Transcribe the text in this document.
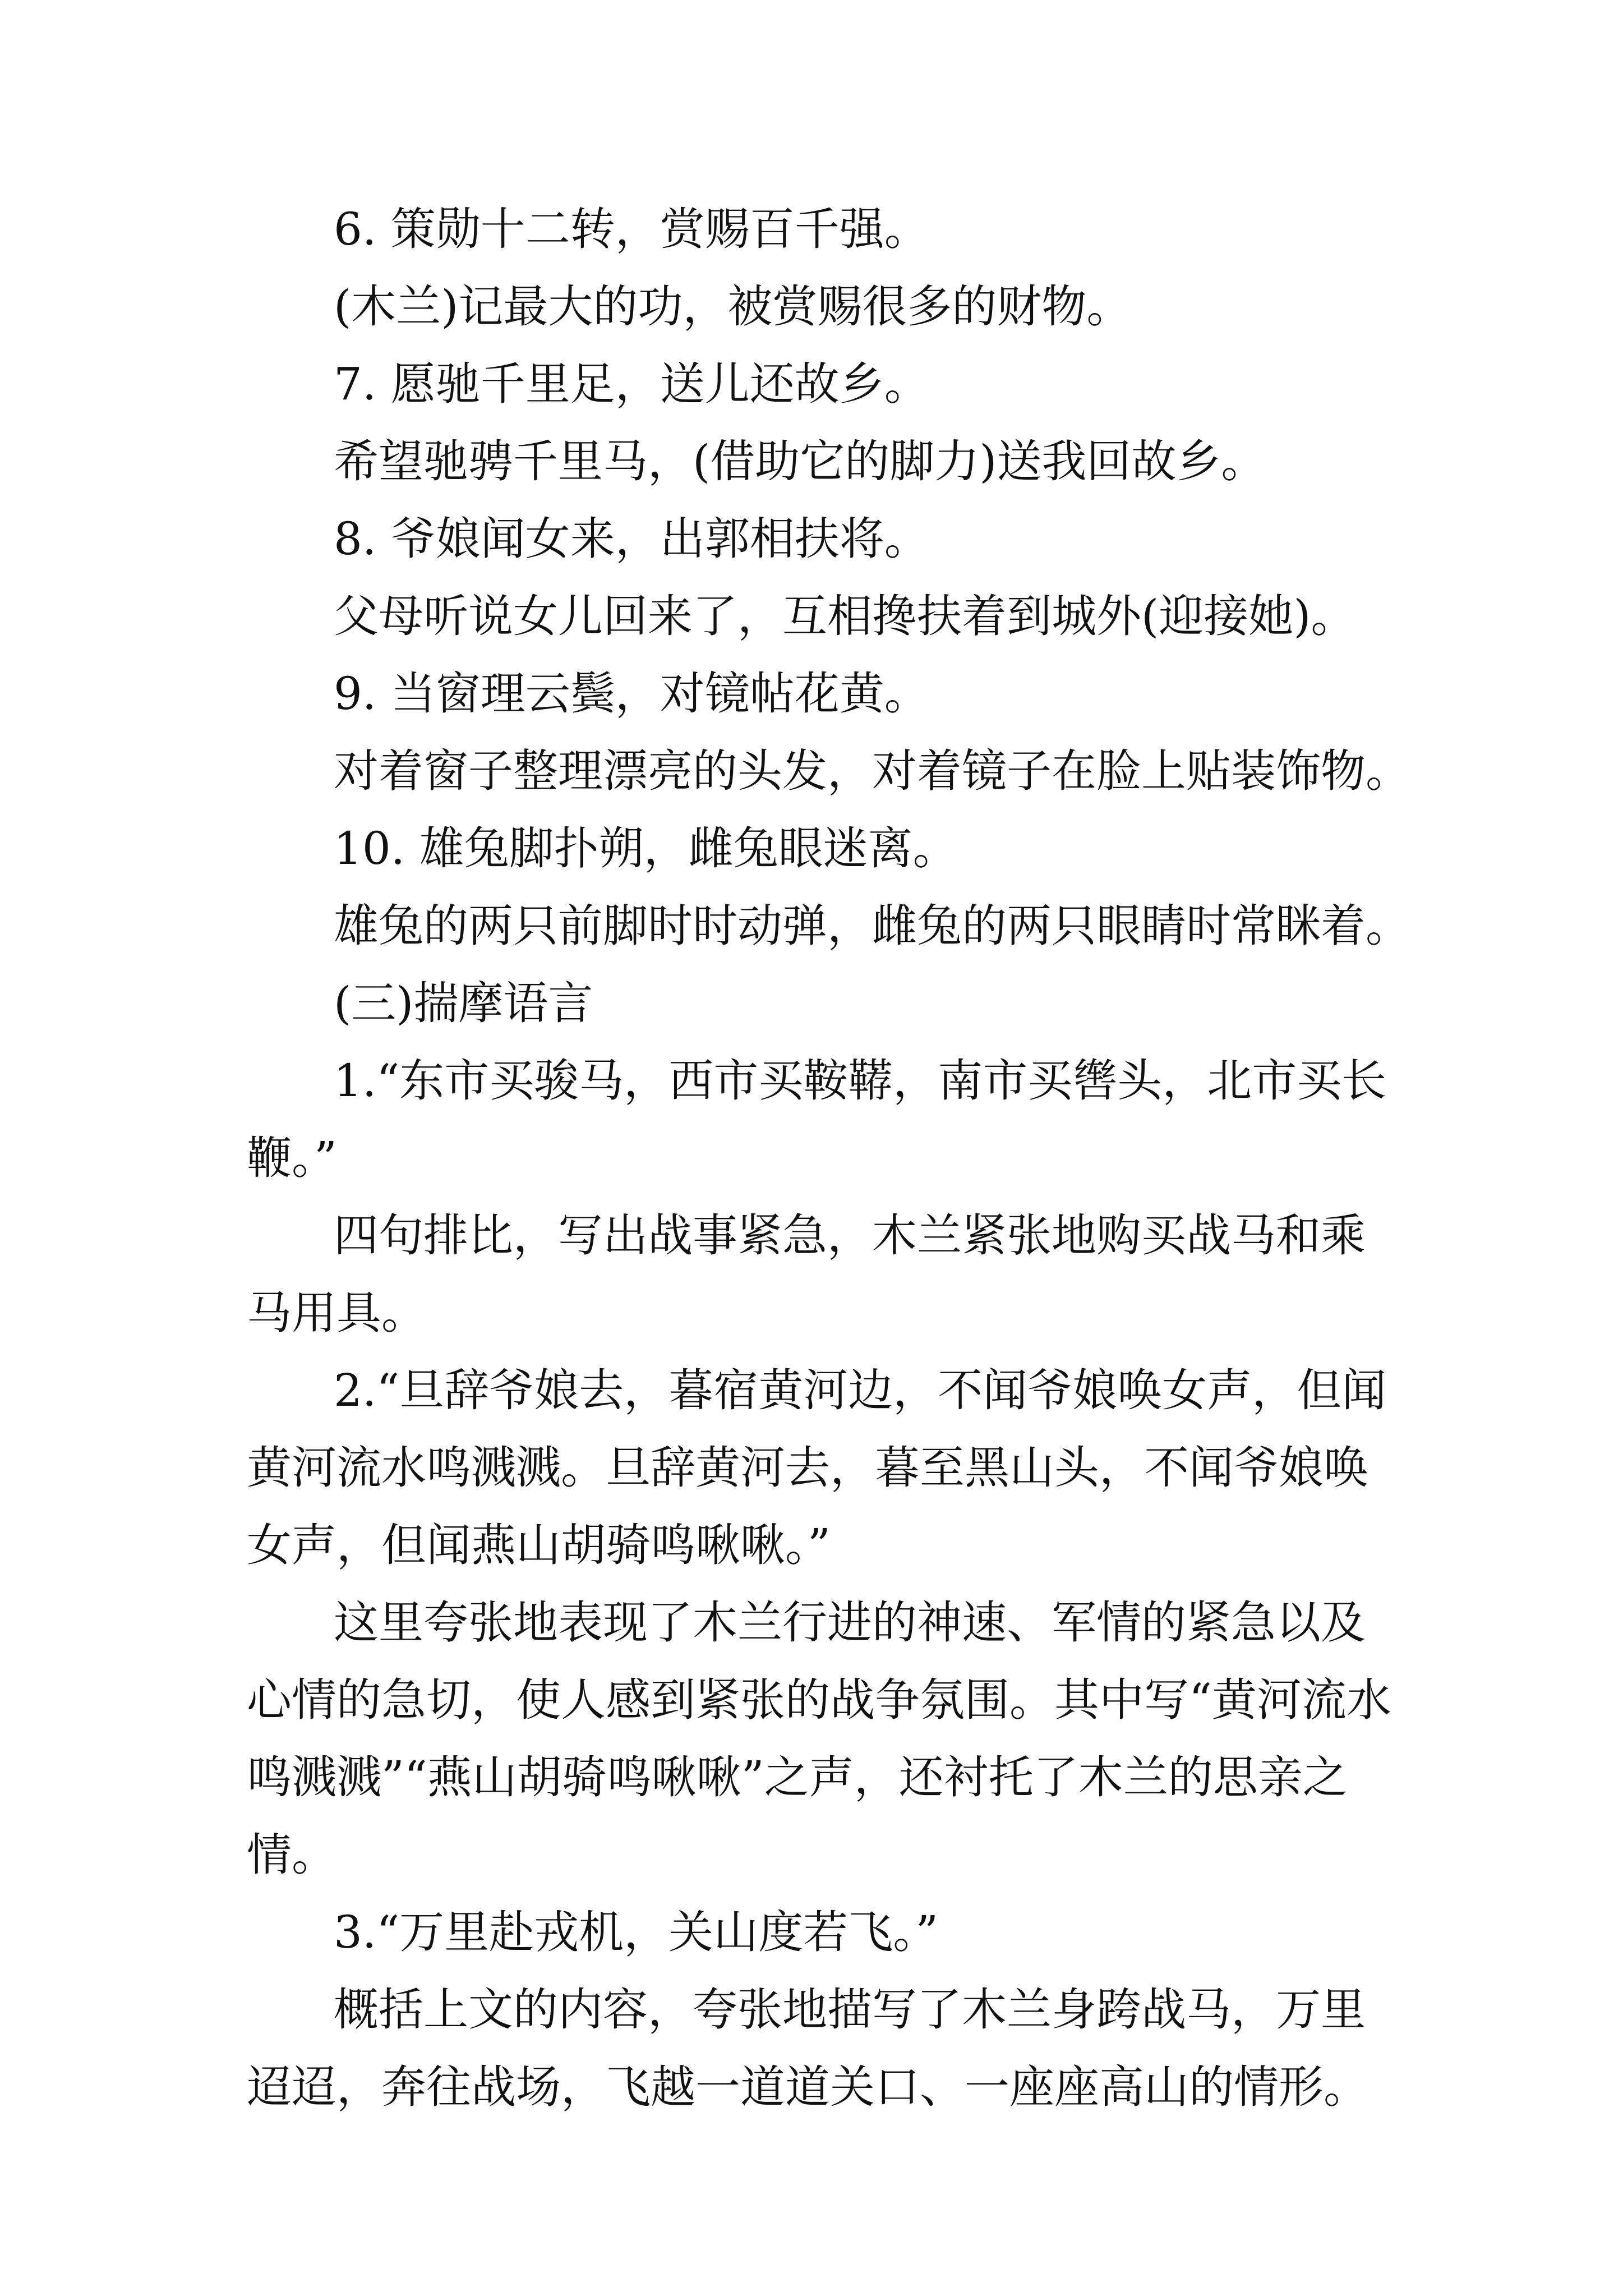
6. 策勋十二转，赏赐百千强。

(木兰)记最大的功，被赏赐很多的财物。

7. 愿驰千里足，送儿还故乡。

希望驰骋千里马，(借助它的脚力)送我回故乡。

8. 爷娘闻女来，出郭相扶将。

父母听说女儿回来了，互相搀扶着到城外(迎接她)。

9. 当窗理云鬓，对镜帖花黄。

对着窗子整理漂亮的头发，对着镜子在脸上贴装饰物。

10. 雄兔脚扑朔，雌兔眼迷离。

雄兔的两只前脚时时动弹，雌兔的两只眼睛时常眯着。

(三)揣摩语言

1.“东市买骏马，西市买鞍鞯，南市买辔头，北市买长鞭。”

四句排比，写出战事紧急，木兰紧张地购买战马和乘马用具。

2.“旦辞爷娘去，暮宿黄河边，不闻爷娘唤女声，但闻黄河流水鸣溅溅。旦辞黄河去，暮至黑山头，不闻爷娘唤女声，但闻燕山胡骑鸣啾啾。”

这里夸张地表现了木兰行进的神速、军情的紧急以及心情的急切，使人感到紧张的战争氛围。其中写“黄河流水鸣溅溅”“燕山胡骑鸣啾啾”之声，还衬托了木兰的思亲之情。

3.“万里赴戎机，关山度若飞。”

概括上文的内容，夸张地描写了木兰身跨战马，万里迢迢，奔往战场，飞越一道道关口、一座座高山的情形。
